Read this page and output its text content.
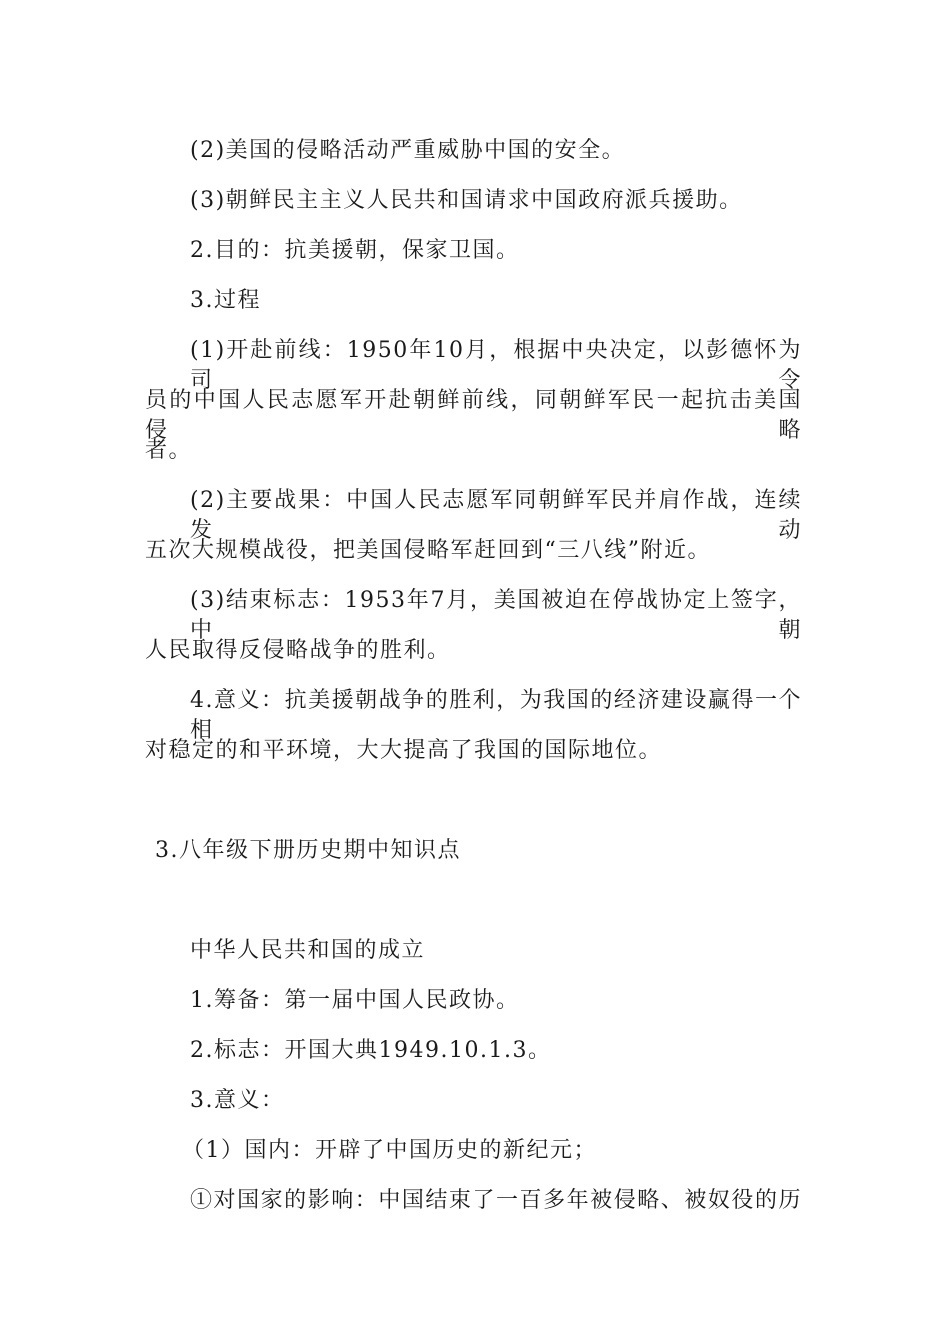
(2)美国的侵略活动严重威胁中国的安全。
(3)朝鲜民主主义人民共和国请求中国政府派兵援助。
2.目的：抗美援朝，保家卫国。
3.过程
(1)开赴前线：1950年10月，根据中央决定，以彭德怀为司令
员的中国人民志愿军开赴朝鲜前线，同朝鲜军民一起抗击美国侵略
者。
(2)主要战果：中国人民志愿军同朝鲜军民并肩作战，连续发动
五次大规模战役，把美国侵略军赶回到“三八线”附近。
(3)结束标志：1953年7月，美国被迫在停战协定上签字，中朝
人民取得反侵略战争的胜利。
4.意义：抗美援朝战争的胜利，为我国的经济建设赢得一个相
对稳定的和平环境，大大提高了我国的国际地位。
3.八年级下册历史期中知识点
中华人民共和国的成立
1.筹备：第一届中国人民政协。
2.标志：开国大典1949.10.1.3。
3.意义：
（1）国内：开辟了中国历史的新纪元；
①对国家的影响：中国结束了一百多年被侵略、被奴役的历
